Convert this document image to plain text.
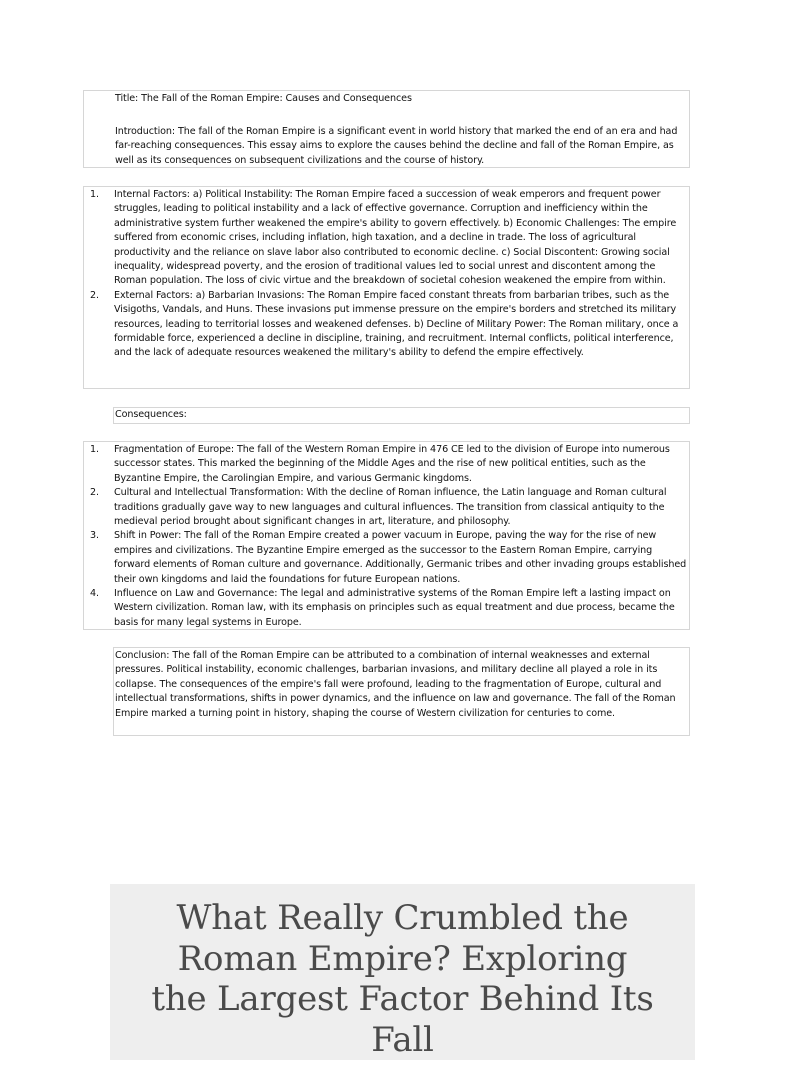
Title: The Fall of the Roman Empire: Causes and Consequences

Introduction: The fall of the Roman Empire is a significant event in world history that marked the end of an era and had far-reaching consequences. This essay aims to explore the causes behind the decline and fall of the Roman Empire, as well as its consequences on subsequent civilizations and the course of history.

1. Internal Factors: a) Political Instability: The Roman Empire faced a succession of weak emperors and frequent power struggles, leading to political instability and a lack of effective governance. Corruption and inefficiency within the administrative system further weakened the empire's ability to govern effectively. b) Economic Challenges: The empire suffered from economic crises, including inflation, high taxation, and a decline in trade. The loss of agricultural productivity and the reliance on slave labor also contributed to economic decline. c) Social Discontent: Growing social inequality, widespread poverty, and the erosion of traditional values led to social unrest and discontent among the Roman population. The loss of civic virtue and the breakdown of societal cohesion weakened the empire from within.
2. External Factors: a) Barbarian Invasions: The Roman Empire faced constant threats from barbarian tribes, such as the Visigoths, Vandals, and Huns. These invasions put immense pressure on the empire's borders and stretched its military resources, leading to territorial losses and weakened defenses. b) Decline of Military Power: The Roman military, once a formidable force, experienced a decline in discipline, training, and recruitment. Internal conflicts, political interference, and the lack of adequate resources weakened the military's ability to defend the empire effectively.

Consequences:

1. Fragmentation of Europe: The fall of the Western Roman Empire in 476 CE led to the division of Europe into numerous successor states. This marked the beginning of the Middle Ages and the rise of new political entities, such as the Byzantine Empire, the Carolingian Empire, and various Germanic kingdoms.
2. Cultural and Intellectual Transformation: With the decline of Roman influence, the Latin language and Roman cultural traditions gradually gave way to new languages and cultural influences. The transition from classical antiquity to the medieval period brought about significant changes in art, literature, and philosophy.
3. Shift in Power: The fall of the Roman Empire created a power vacuum in Europe, paving the way for the rise of new empires and civilizations. The Byzantine Empire emerged as the successor to the Eastern Roman Empire, carrying forward elements of Roman culture and governance. Additionally, Germanic tribes and other invading groups established their own kingdoms and laid the foundations for future European nations.
4. Influence on Law and Governance: The legal and administrative systems of the Roman Empire left a lasting impact on Western civilization. Roman law, with its emphasis on principles such as equal treatment and due process, became the basis for many legal systems in Europe.

Conclusion: The fall of the Roman Empire can be attributed to a combination of internal weaknesses and external pressures. Political instability, economic challenges, barbarian invasions, and military decline all played a role in its collapse. The consequences of the empire's fall were profound, leading to the fragmentation of Europe, cultural and intellectual transformations, shifts in power dynamics, and the influence on law and governance. The fall of the Roman Empire marked a turning point in history, shaping the course of Western civilization for centuries to come.

What Really Crumbled the Roman Empire? Exploring the Largest Factor Behind Its Fall
